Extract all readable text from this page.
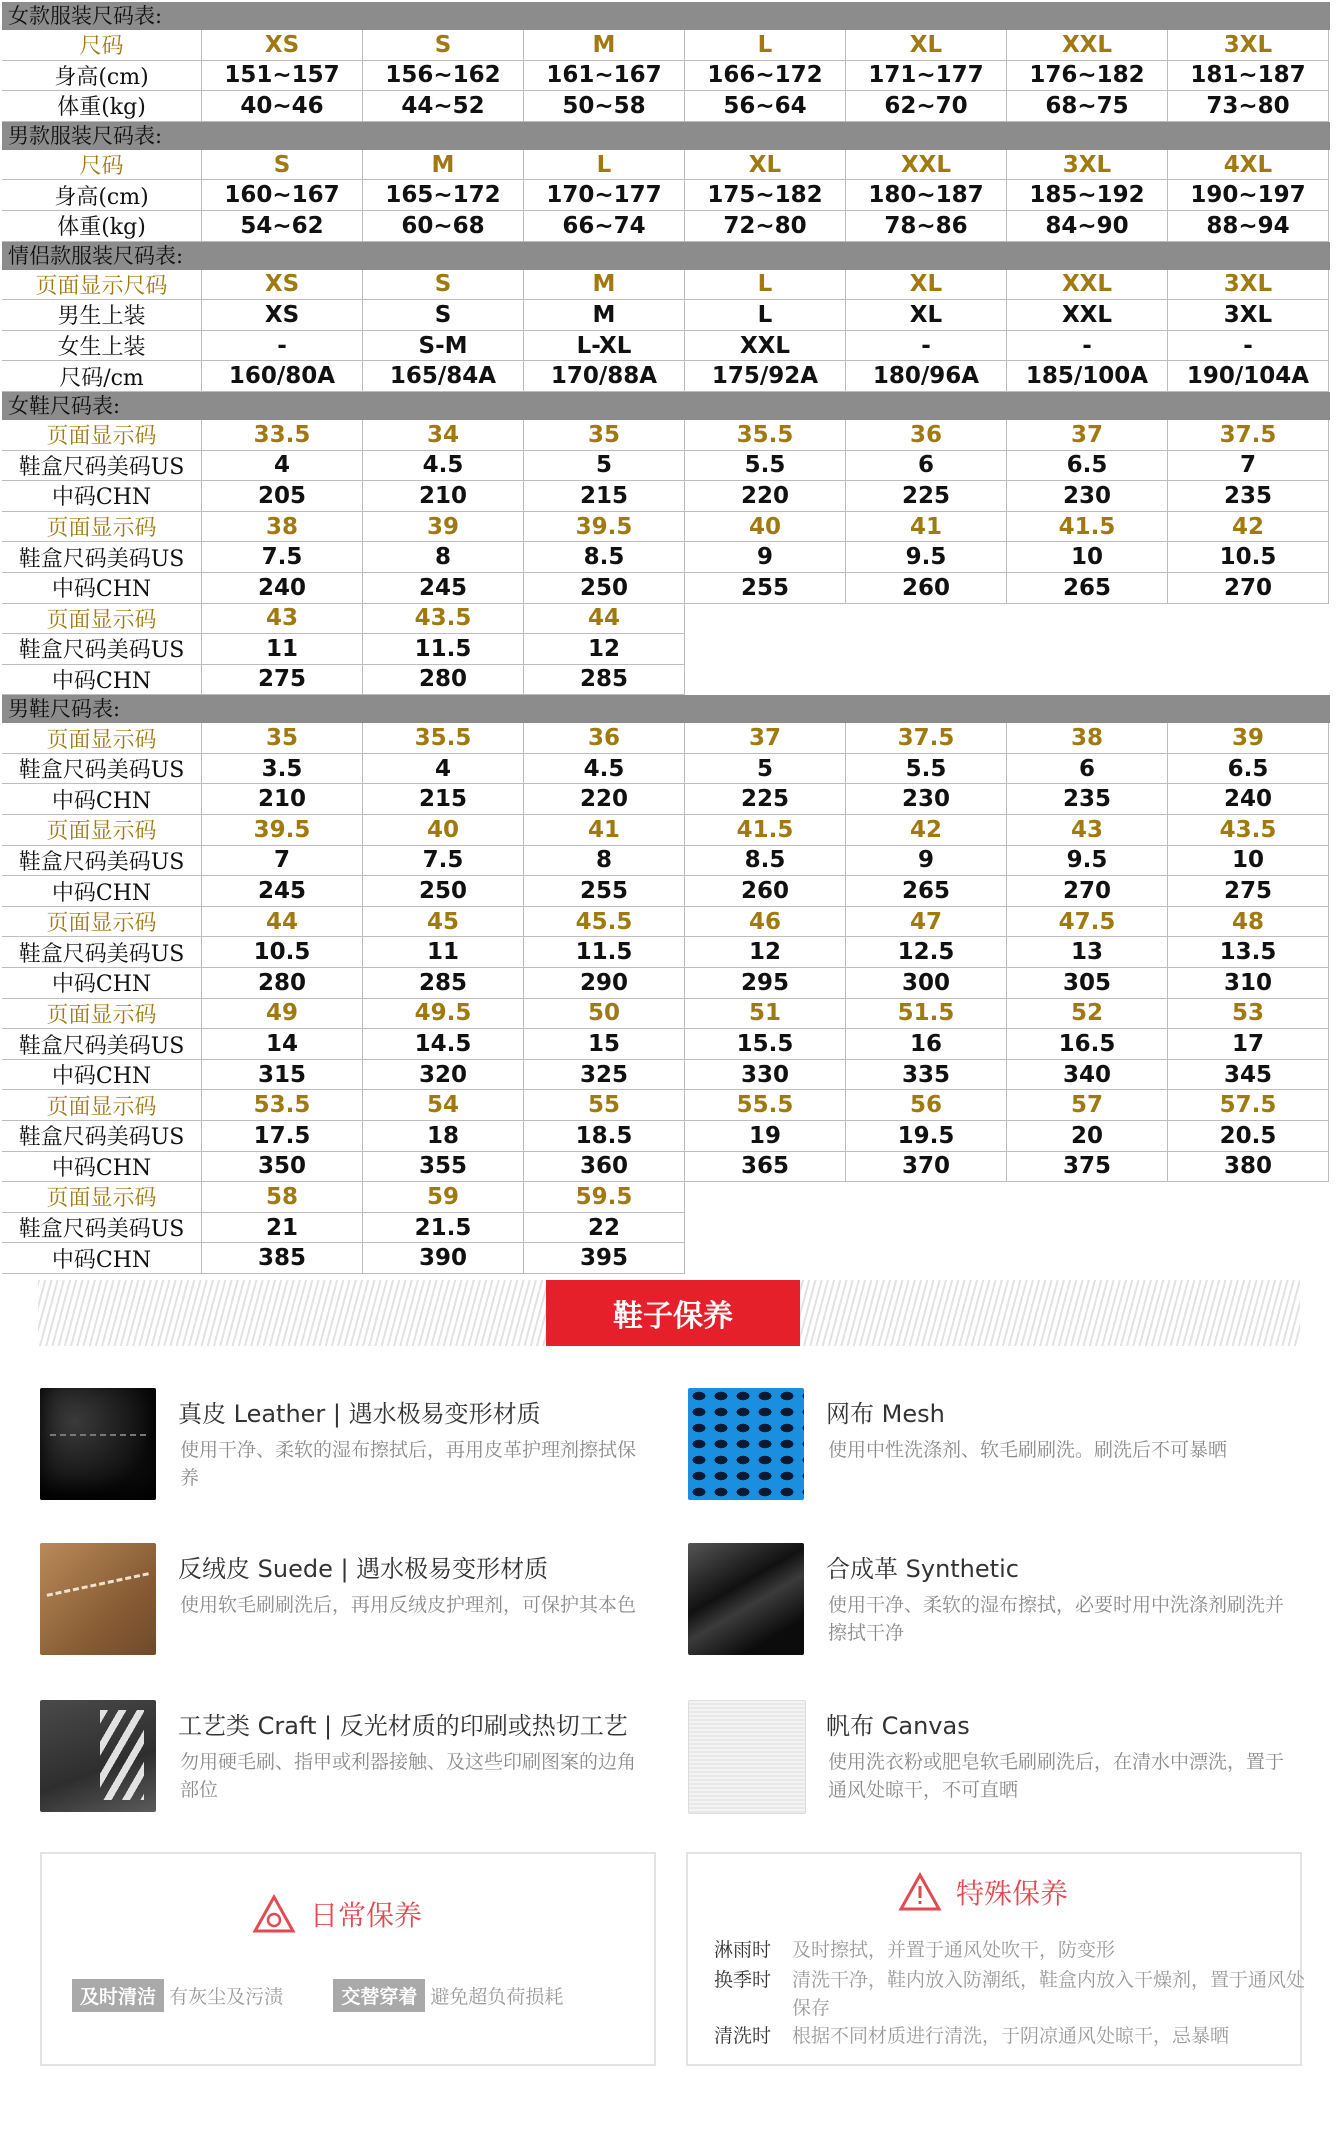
女款服装尺码表:
尺码	XS	S	M	L	XL	XXL	3XL
身高(cm)	151~157	156~162	161~167	166~172	171~177	176~182	181~187
体重(kg)	40~46	44~52	50~58	56~64	62~70	68~75	73~80
男款服装尺码表:
尺码	S	M	L	XL	XXL	3XL	4XL
身高(cm)	160~167	165~172	170~177	175~182	180~187	185~192	190~197
体重(kg)	54~62	60~68	66~74	72~80	78~86	84~90	88~94
情侣款服装尺码表:
页面显示尺码	XS	S	M	L	XL	XXL	3XL
男生上装	XS	S	M	L	XL	XXL	3XL
女生上装	-	S-M	L-XL	XXL	-	-	-
尺码/cm	160/80A	165/84A	170/88A	175/92A	180/96A	185/100A	190/104A
女鞋尺码表:
页面显示码	33.5	34	35	35.5	36	37	37.5
鞋盒尺码美码US	4	4.5	5	5.5	6	6.5	7
中码CHN	205	210	215	220	225	230	235
页面显示码	38	39	39.5	40	41	41.5	42
鞋盒尺码美码US	7.5	8	8.5	9	9.5	10	10.5
中码CHN	240	245	250	255	260	265	270
页面显示码	43	43.5	44
鞋盒尺码美码US	11	11.5	12
中码CHN	275	280	285
男鞋尺码表:
页面显示码	35	35.5	36	37	37.5	38	39
鞋盒尺码美码US	3.5	4	4.5	5	5.5	6	6.5
中码CHN	210	215	220	225	230	235	240
页面显示码	39.5	40	41	41.5	42	43	43.5
鞋盒尺码美码US	7	7.5	8	8.5	9	9.5	10
中码CHN	245	250	255	260	265	270	275
页面显示码	44	45	45.5	46	47	47.5	48
鞋盒尺码美码US	10.5	11	11.5	12	12.5	13	13.5
中码CHN	280	285	290	295	300	305	310
页面显示码	49	49.5	50	51	51.5	52	53
鞋盒尺码美码US	14	14.5	15	15.5	16	16.5	17
中码CHN	315	320	325	330	335	340	345
页面显示码	53.5	54	55	55.5	56	57	57.5
鞋盒尺码美码US	17.5	18	18.5	19	19.5	20	20.5
中码CHN	350	355	360	365	370	375	380
页面显示码	58	59	59.5
鞋盒尺码美码US	21	21.5	22
中码CHN	385	390	395
鞋子保养
真皮 Leather | 遇水极易变形材质
使用干净、柔软的湿布擦拭后，再用皮革护理剂擦拭保养
网布 Mesh
使用中性洗涤剂、软毛刷刷洗。刷洗后不可暴晒
反绒皮 Suede | 遇水极易变形材质
使用软毛刷刷洗后，再用反绒皮护理剂，可保护其本色
合成革 Synthetic
使用干净、柔软的湿布擦拭，必要时用中洗涤剂刷洗并擦拭干净
工艺类 Craft | 反光材质的印刷或热切工艺
勿用硬毛刷、指甲或利器接触、及这些印刷图案的边角部位
帆布 Canvas
使用洗衣粉或肥皂软毛刷刷洗后，在清水中漂洗，置于通风处晾干，不可直晒
日常保养
及时清洁 有灰尘及污渍	交替穿着 避免超负荷损耗
特殊保养
淋雨时 及时擦拭，并置于通风处吹干，防变形
换季时 清洗干净，鞋内放入防潮纸，鞋盒内放入干燥剂，置于通风处保存
清洗时 根据不同材质进行清洗，于阴凉通风处晾干，忌暴晒
